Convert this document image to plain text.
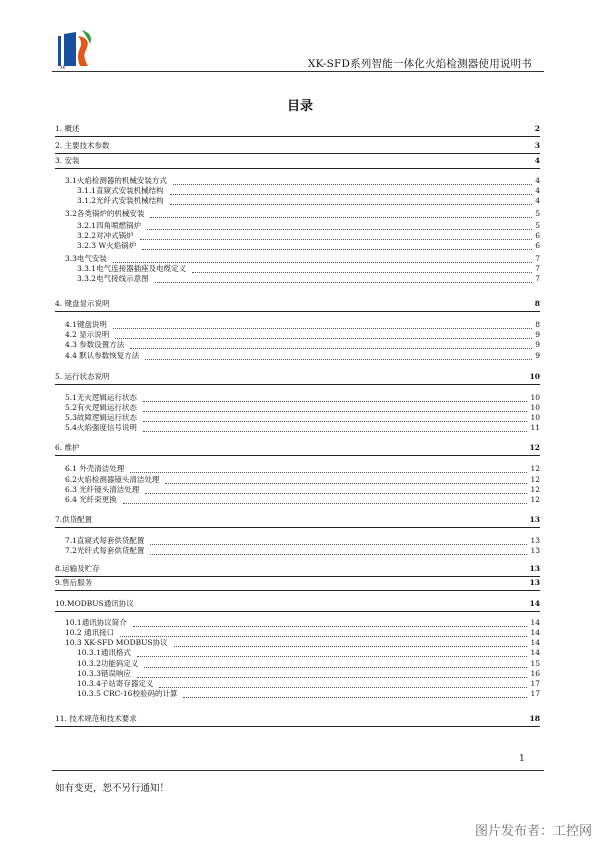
XK	XK-SFD系列智能一体化火焰检测器使用说明书
目录
1. 概述	2
2. 主要技术参数	3
3. 安装	4
3.1火焰检测器的机械安装方式	4
3.1.1直窥式安装机械结构	4
3.1.2光纤式安装机械结构	4
3.2各类锅炉的机械安装	5
3.2.1四角喷燃锅炉	5
3.2.2对冲式锅炉	6
3.2.3 W火焰锅炉	6
3.3电气安装	7
3.3.1电气连接器插座及电缆定义	7
3.3.2电气接线示意图	7
4. 键盘显示说明	8
4.1键盘说明	8
4.2 显示说明	9
4.3 参数设置方法	9
4.4 默认参数恢复方法	9
5. 运行状态说明	10
5.1无火逻辑运行状态	10
5.2有火逻辑运行状态	10
5.3故障逻辑运行状态	10
5.4火焰强度信号说明	11
6. 维护	12
6.1 外壳清洁处理	12
6.2火焰检测器镜头清洁处理	12
6.3 光纤镜头清洁处理	12
6.4 光纤束更换	12
7.供货配置	13
7.1直窥式每套供货配置	13
7.2光纤式每套供货配置	13
8.运输及贮存	13
9.售后服务	13
10.MODBUS通讯协议	14
10.1通讯协议简介	14
10.2 通讯接口	14
10.3 XK-SFD MODBUS协议	14
10.3.1通讯格式	14
10.3.2功能码定义	15
10.3.3错误响应	16
10.3.4子站寄存器定义	17
10.3.5 CRC-16校验码的计算	17
11. 技术规范和技术要求	18
1
如有变更，恕不另行通知！
图片发布者：工控网
